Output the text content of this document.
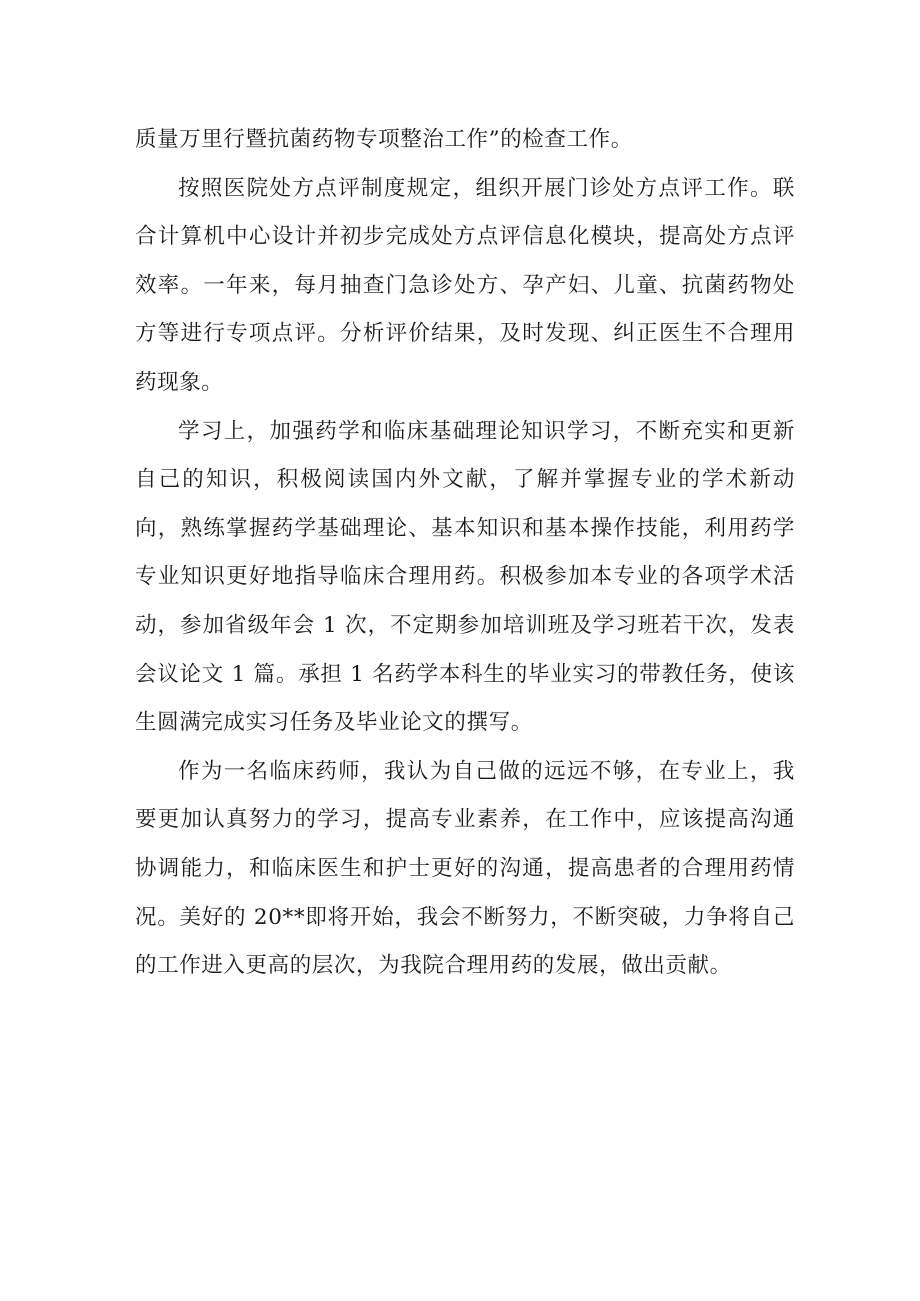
质量万里行暨抗菌药物专项整治工作”的检查工作。

按照医院处方点评制度规定，组织开展门诊处方点评工作。联合计算机中心设计并初步完成处方点评信息化模块，提高处方点评效率。一年来，每月抽查门急诊处方、孕产妇、儿童、抗菌药物处方等进行专项点评。分析评价结果，及时发现、纠正医生不合理用药现象。

学习上，加强药学和临床基础理论知识学习，不断充实和更新自己的知识，积极阅读国内外文献，了解并掌握专业的学术新动向，熟练掌握药学基础理论、基本知识和基本操作技能，利用药学专业知识更好地指导临床合理用药。积极参加本专业的各项学术活动，参加省级年会 1 次，不定期参加培训班及学习班若干次，发表会议论文 1 篇。承担 1 名药学本科生的毕业实习的带教任务，使该生圆满完成实习任务及毕业论文的撰写。

作为一名临床药师，我认为自己做的远远不够，在专业上，我要更加认真努力的学习，提高专业素养，在工作中，应该提高沟通协调能力，和临床医生和护士更好的沟通，提高患者的合理用药情况。美好的 20**即将开始，我会不断努力，不断突破，力争将自己的工作进入更高的层次，为我院合理用药的发展，做出贡献。
